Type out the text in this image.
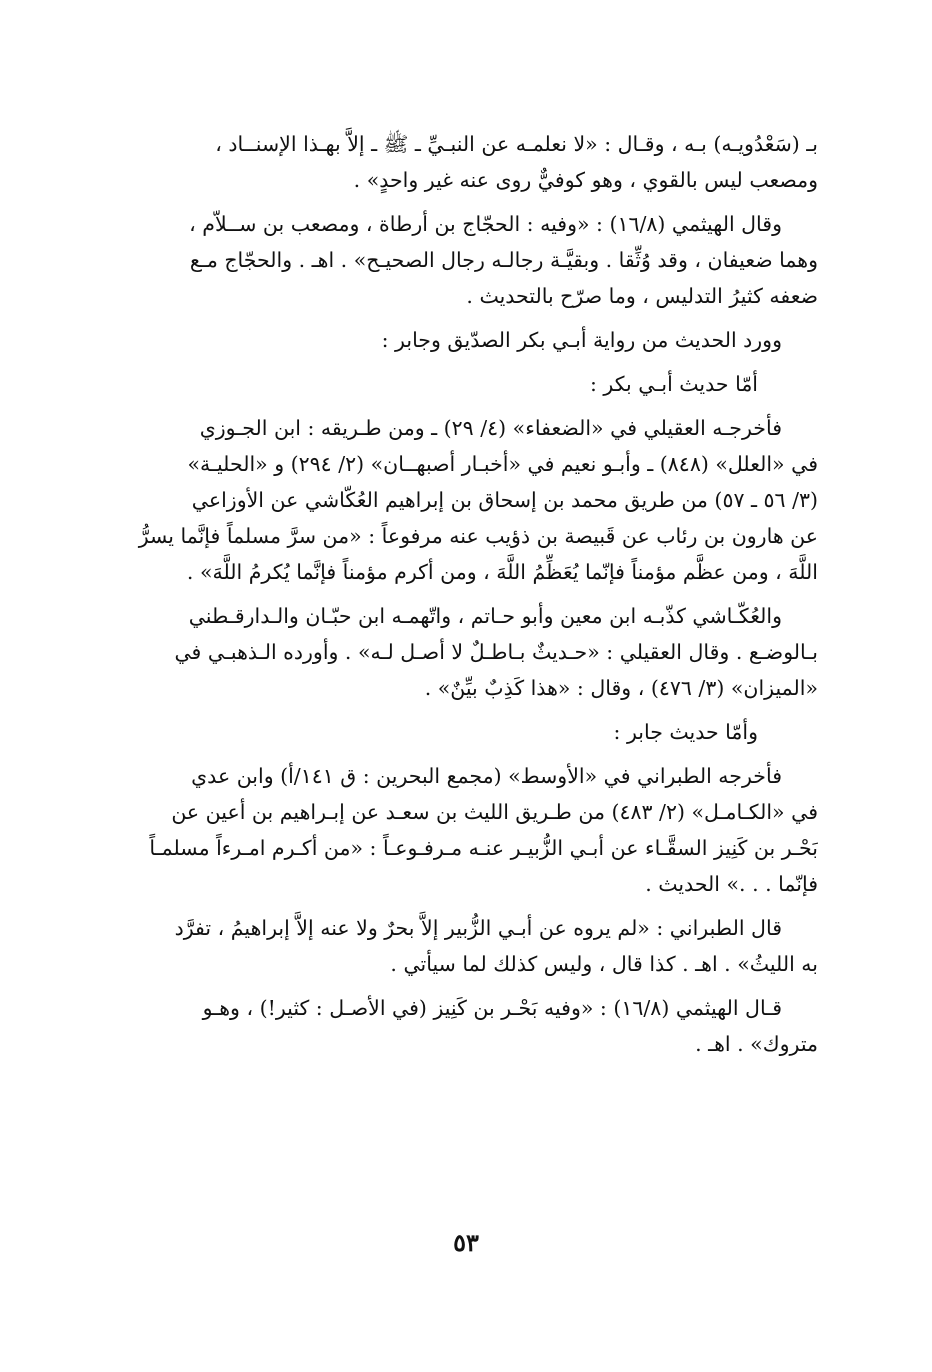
بـ (سَعْدُويـه) بـه ، وقـال : «لا نعلمـه عن النبـيِّ ـ ﷺ ـ إلاَّ بهـذا الإسنــاد ،
ومصعب ليس بالقوي ، وهو كوفيٌّ روى عنه غير واحدٍ» .

وقال الهيثمي (١٦/٨) : «وفيه : الحجّاج بن أرطاة ، ومصعب بن ســلاّم ،
وهما ضعيفان ، وقد وُثِّقا . وبقيَّـة رجالـه رجال الصحيـح» . اهـ . والحجّاج مـع
ضعفه كثيرُ التدليس ، وما صرّح بالتحديث .

وورد الحديث من رواية أبـي بكر الصدّيق وجابر :

أمّا حديث أبـي بكر :

فأخرجـه العقيلي في «الضعفاء» (٤/ ٢٩) ـ ومن طـريقه : ابن الجـوزي
في «العلل» (٨٤٨) ـ وأبـو نعيم في «أخبـار أصبهــان» (٢/ ٢٩٤) و «الحليـة»
(٣/ ٥٦ ـ ٥٧) من طريق محمد بن إسحاق بن إبراهيم العُكّاشي عن الأوزاعي
عن هارون بن رئاب عن قَبيصة بن ذؤيب عنه مرفوعاً : «من سرَّ مسلماً فإنَّما يسرُّ
اللَّهَ ، ومن عظَّم مؤمناً فإنّما يُعَظِّمُ اللَّهَ ، ومن أكرم مؤمناً فإنَّما يُكرمُ اللَّهَ» .

والعُكّـاشي كذّبـه ابن معين وأبو حـاتم ، واتّهمـه ابن حبّـان والـدارقـطني
بـالوضـع . وقال العقيلي : «حـديثٌ بـاطـلٌ لا أصـل لـه» . وأورده الـذهبـي في
«الميزان» (٣/ ٤٧٦) ، وقال : «هذا كَذِبٌ بيِّنٌ» .

وأمّا حديث جابر :

فأخرجه الطبراني في «الأوسط» (مجمع البحرين : ق ١٤١/أ) وابن عدي
في «الكـامـل» (٢/ ٤٨٣) من طـريق الليث بن سعـد عن إبـراهيم بن أعين عن
بَحْـر بن كَنِيز السقَّـاء عن أبـي الزُّبيـر عنـه مـرفـوعـاً : «من أكـرم امـرءاً مسلمـاً
فإنّما . . .» الحديث .

قال الطبراني : «لم يروه عن أبـي الزُّبير إلاَّ بحرٌ ولا عنه إلاَّ إبراهيمُ ، تفرَّد
به الليثُ» . اهـ . كذا قال ، وليس كذلك لما سيأتي .

قـال الهيثمي (١٦/٨) : «وفيه بَحْـر بن كَنِيز (في الأصـل : كثير!) ، وهـو
متروك» . اهـ .

٥٣
